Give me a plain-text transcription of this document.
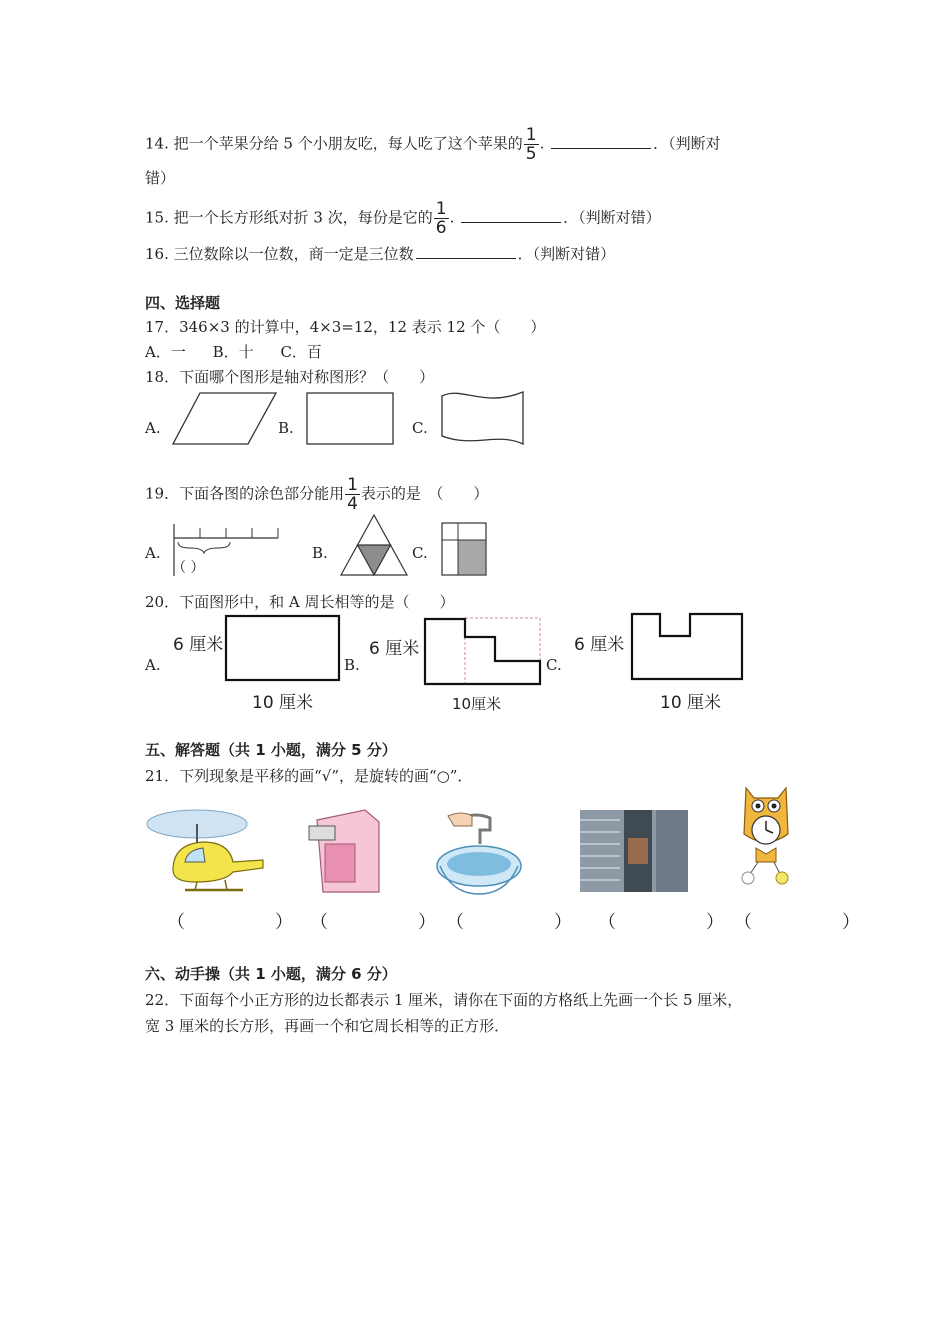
14. 把一个苹果分给 5 个小朋友吃，每人吃了这个苹果的 $\frac{1}{5}$ .	．（判断对
错）
15. 把一个长方形纸对折 3 次，每份是它的 $\frac{1}{6}$ .	．（判断对错）
16. 三位数除以一位数，商一定是三位数	．（判断对错）
四、选择题
17．346×3 的计算中，4×3=12，12 表示 12 个（　　）
A．一 B．十 C．百
18．下面哪个图形是轴对称图形？（　　）
A.	B.	C.
19．下面各图的涂色部分能用 $\frac{1}{4}$ 表示的是　（　　）
A.
（ ）
B.	C.
20．下面图形中，和 A 周长相等的是（　　）
A.
6 厘米
10 厘米
B.
6 厘米
10厘米
C.
6 厘米
10 厘米
五、解答题（共 1 小题，满分 5 分）
21．下列现象是平移的画“√”，是旋转的画“○”．
（　　） （　　）
（　　） （　　）
（　　）
六、动手操（共 1 小题，满分 6 分）
22．下面每个小正方形的边长都表示 1 厘米，请你在下面的方格纸上先画一个长 5 厘米，
宽 3 厘米的长方形，再画一个和它周长相等的正方形．
